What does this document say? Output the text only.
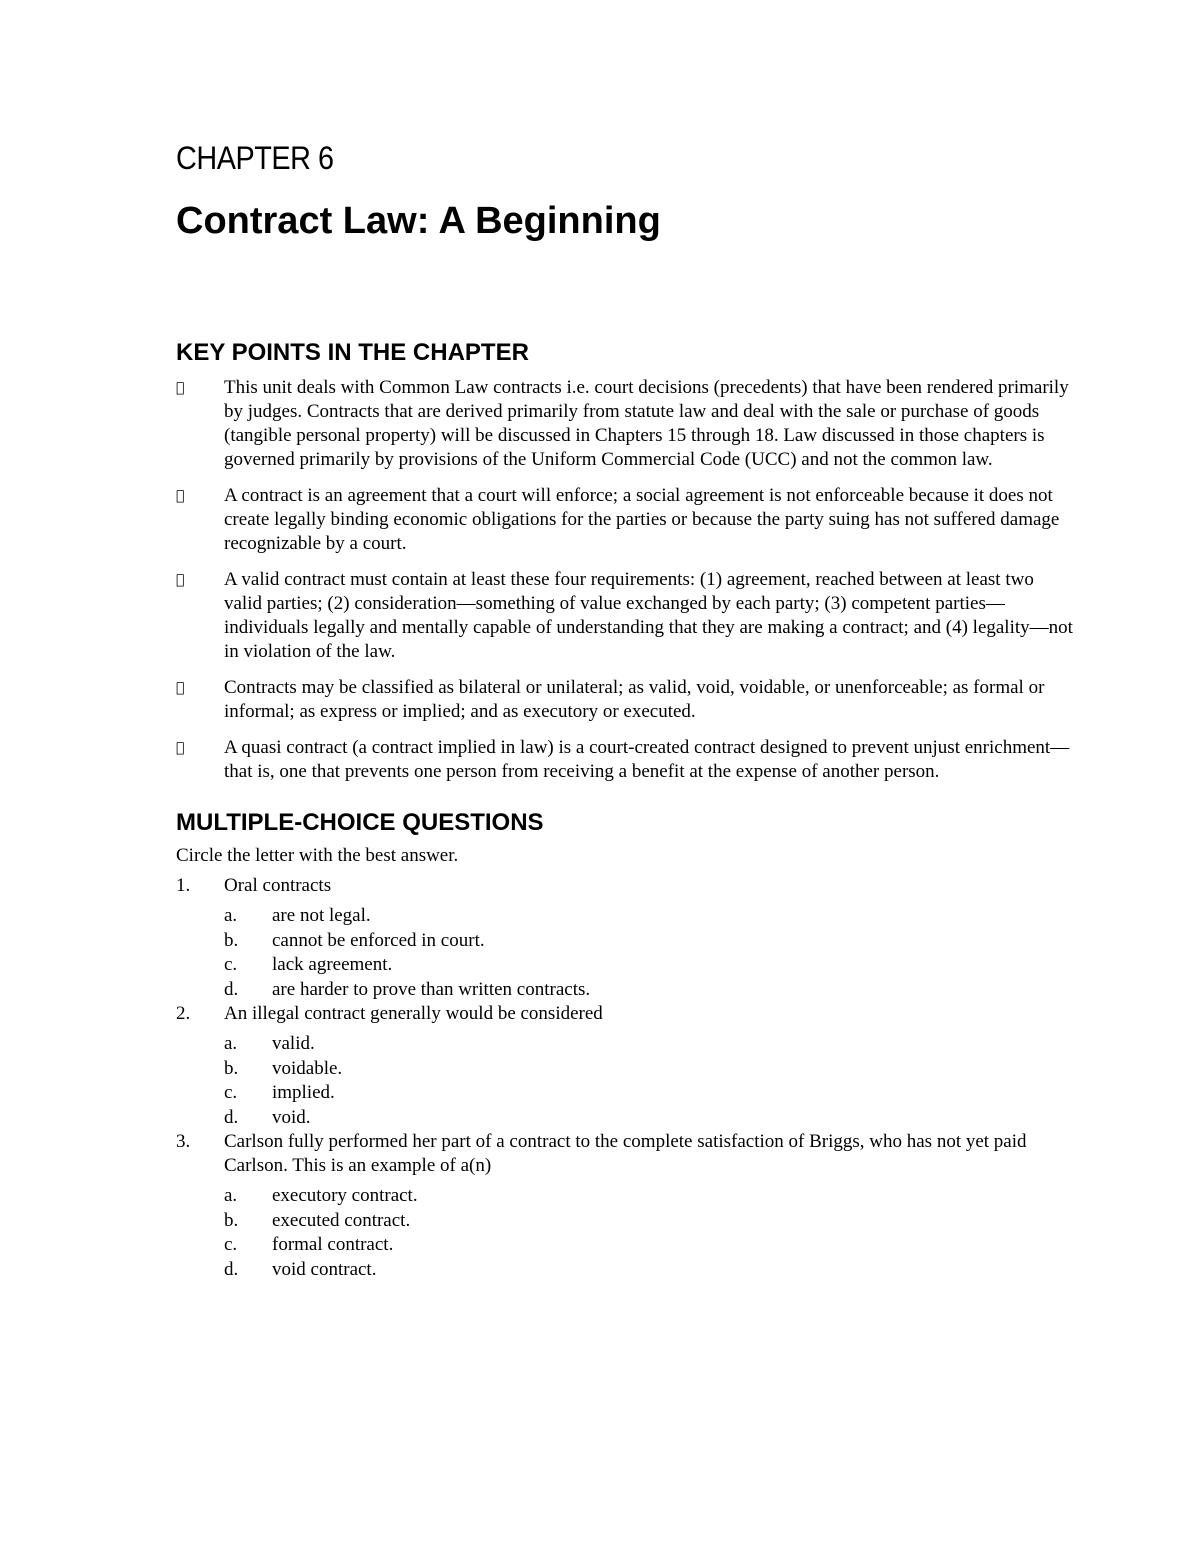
CHAPTER 6
Contract Law: A Beginning
KEY POINTS IN THE CHAPTER
This unit deals with Common Law contracts i.e. court decisions (precedents) that have been rendered primarily by judges. Contracts that are derived primarily from statute law and deal with the sale or purchase of goods (tangible personal property) will be discussed in Chapters 15 through 18. Law discussed in those chapters is governed primarily by provisions of the Uniform Commercial Code (UCC) and not the common law.
A contract is an agreement that a court will enforce; a social agreement is not enforceable because it does not create legally binding economic obligations for the parties or because the party suing has not suffered damage recognizable by a court.
A valid contract must contain at least these four requirements: (1) agreement, reached between at least two valid parties; (2) consideration—something of value exchanged by each party; (3) competent parties—individuals legally and mentally capable of understanding that they are making a contract; and (4) legality—not in violation of the law.
Contracts may be classified as bilateral or unilateral; as valid, void, voidable, or unenforceable; as formal or informal; as express or implied; and as executory or executed.
A quasi contract (a contract implied in law) is a court-created contract designed to prevent unjust enrichment—that is, one that prevents one person from receiving a benefit at the expense of another person.
MULTIPLE-CHOICE QUESTIONS

Circle the letter with the best answer.

1.	Oral contracts
a.	are not legal.
b.	cannot be enforced in court.
c.	lack agreement.
d.	are harder to prove than written contracts.
2.	An illegal contract generally would be considered
a.	valid.
b.	voidable.
c.	implied.
d.	void.
3.	Carlson fully performed her part of a contract to the complete satisfaction of Briggs, who has not yet paid Carlson. This is an example of a(n)
a.	executory contract.
b.	executed contract.
c.	formal contract.
d.	void contract.
